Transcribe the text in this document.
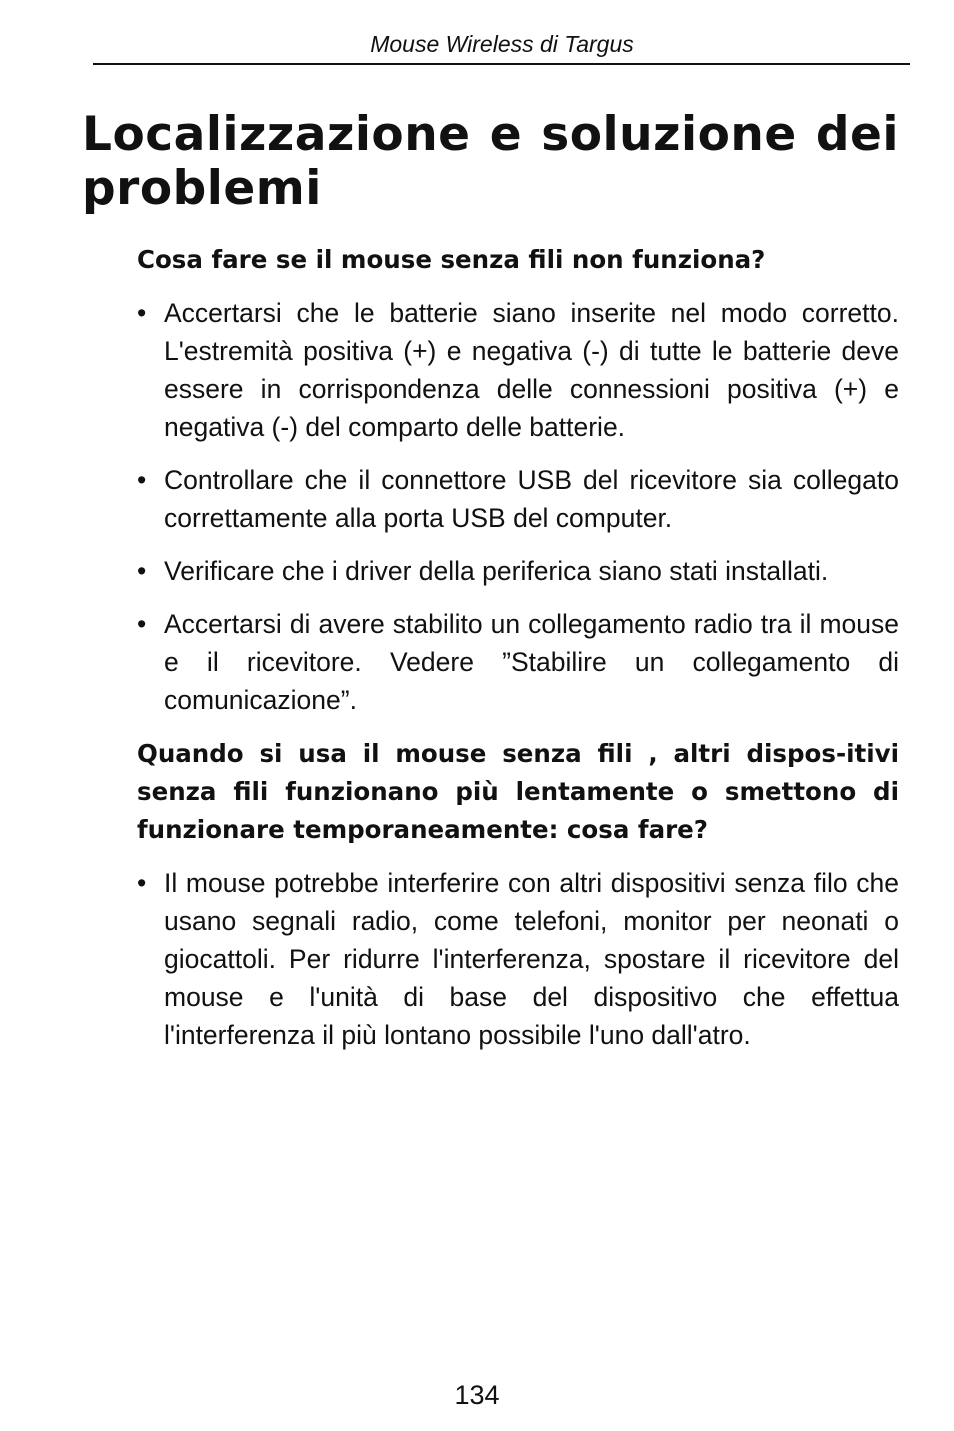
Mouse Wireless di Targus
Localizzazione e soluzione dei problemi
Cosa fare se il mouse senza fili non funziona?
• Accertarsi che le batterie siano inserite nel modo corretto. L'estremità positiva (+) e negativa (-) di tutte le batterie deve essere in corrispondenza delle connessioni positiva (+) e negativa (-) del comparto delle batterie.
• Controllare che il connettore USB del ricevitore sia collegato correttamente alla porta USB del computer.
• Verificare che i driver della periferica siano stati installati.
• Accertarsi di avere stabilito un collegamento radio tra il mouse e il ricevitore. Vedere ”Stabilire un collegamento di comunicazione”.
Quando si usa il mouse senza fili , altri dispos-itivi senza fili funzionano più lentamente o smettono di funzionare temporaneamente: cosa fare?
• Il mouse potrebbe interferire con altri dispositivi senza filo che usano segnali radio, come telefoni, monitor per neonati o giocattoli. Per ridurre l'interferenza, spostare il ricevitore del mouse e l'unità di base del dispositivo che effettua l'interferenza il più lontano possibile l'uno dall'atro.
134
